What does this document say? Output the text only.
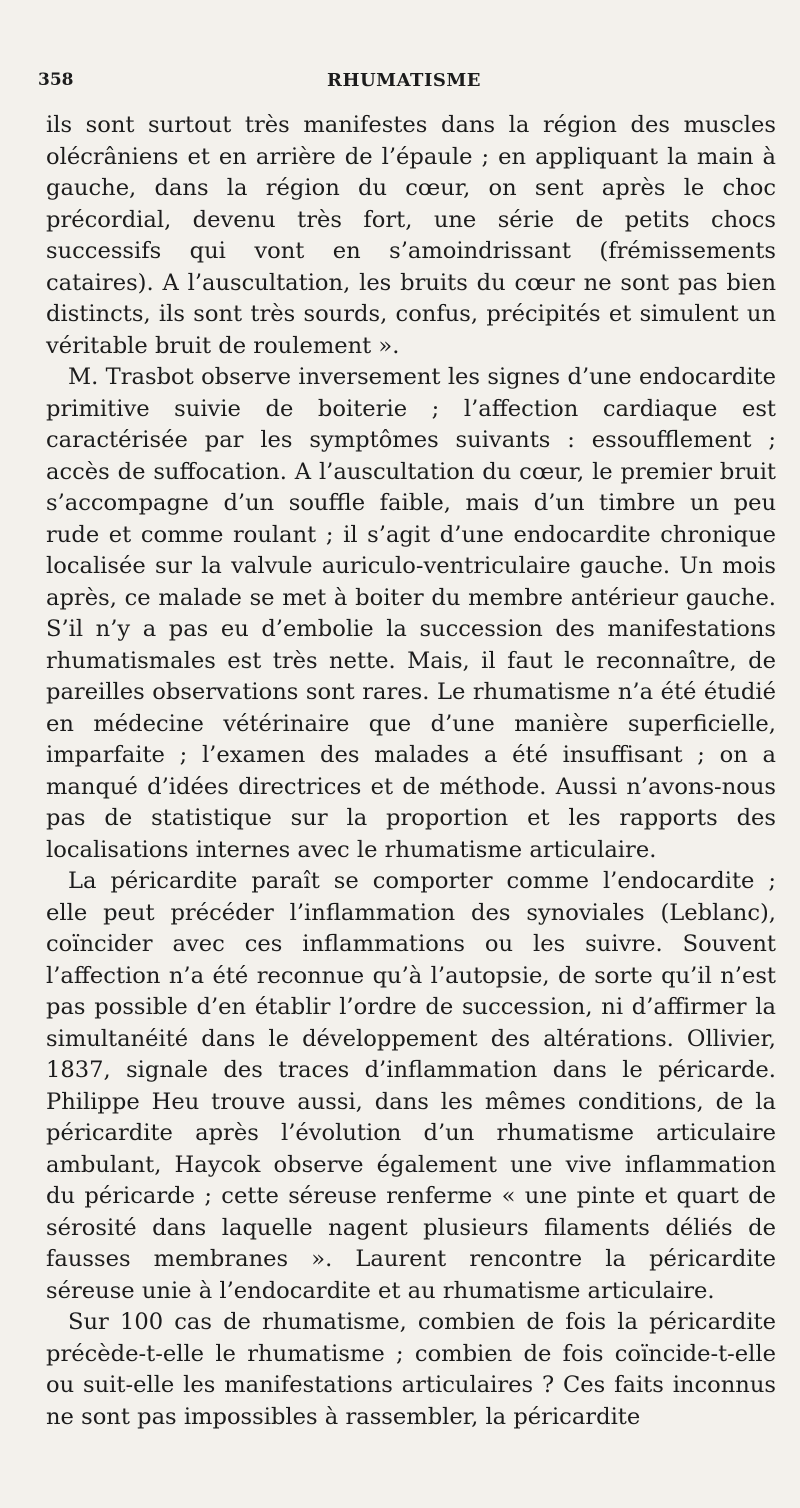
358	RHUMATISME

ils sont surtout très manifestes dans la région des muscles olécrâniens et en arrière de l’épaule ; en appliquant la main à gauche, dans la région du cœur, on sent après le choc précordial, devenu très fort, une série de petits chocs successifs qui vont en s’amoindrissant (frémissements cataires). A l’auscultation, les bruits du cœur ne sont pas bien distincts, ils sont très sourds, confus, précipités et simulent un véritable bruit de roulement ».

M. Trasbot observe inversement les signes d’une endocardite primitive suivie de boiterie ; l’affection cardiaque est caractérisée par les symptômes suivants : essoufflement ; accès de suffocation. A l’auscultation du cœur, le premier bruit s’accompagne d’un souffle faible, mais d’un timbre un peu rude et comme roulant ; il s’agit d’une endocardite chronique localisée sur la valvule auriculo-ventriculaire gauche. Un mois après, ce malade se met à boiter du membre antérieur gauche. S’il n’y a pas eu d’embolie la succession des manifestations rhumatismales est très nette. Mais, il faut le reconnaître, de pareilles observations sont rares. Le rhumatisme n’a été étudié en médecine vétérinaire que d’une manière superficielle, imparfaite ; l’examen des malades a été insuffisant ; on a manqué d’idées directrices et de méthode. Aussi n’avons-nous pas de statistique sur la proportion et les rapports des localisations internes avec le rhumatisme articulaire.

La péricardite paraît se comporter comme l’endocardite ; elle peut précéder l’inflammation des synoviales (Leblanc), coïncider avec ces inflammations ou les suivre. Souvent l’affection n’a été reconnue qu’à l’autopsie, de sorte qu’il n’est pas possible d’en établir l’ordre de succession, ni d’affirmer la simultanéité dans le développement des altérations. Ollivier, 1837, signale des traces d’inflammation dans le péricarde. Philippe Heu trouve aussi, dans les mêmes conditions, de la péricardite après l’évolution d’un rhumatisme articulaire ambulant, Haycok observe également une vive inflammation du péricarde ; cette séreuse renferme « une pinte et quart de sérosité dans laquelle nagent plusieurs filaments déliés de fausses membranes ». Laurent rencontre la péricardite séreuse unie à l’endocardite et au rhumatisme articulaire.

Sur 100 cas de rhumatisme, combien de fois la péricardite précède-t-elle le rhumatisme ; combien de fois coïncide-t-elle ou suit-elle les manifestations articulaires ? Ces faits inconnus ne sont pas impossibles à rassembler, la péricardite
